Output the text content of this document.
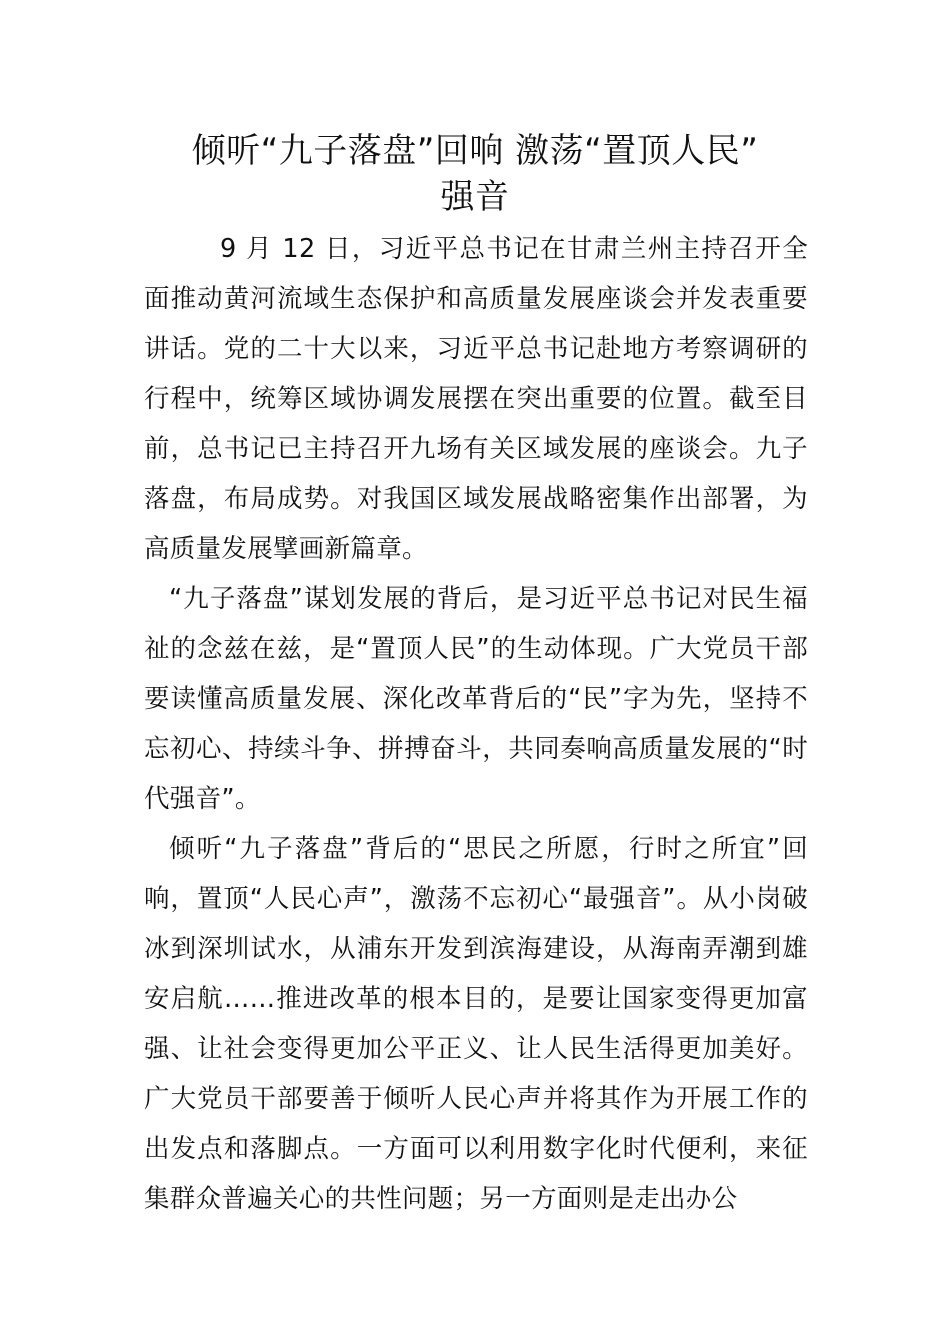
倾听“九子落盘”回响 激荡“置顶人民”
强音

9 月 12 日，习近平总书记在甘肃兰州主持召开全面推动黄河流域生态保护和高质量发展座谈会并发表重要讲话。党的二十大以来，习近平总书记赴地方考察调研的行程中，统筹区域协调发展摆在突出重要的位置。截至目前，总书记已主持召开九场有关区域发展的座谈会。九子落盘，布局成势。对我国区域发展战略密集作出部署，为高质量发展擘画新篇章。

“九子落盘”谋划发展的背后，是习近平总书记对民生福祉的念兹在兹，是“置顶人民”的生动体现。广大党员干部要读懂高质量发展、深化改革背后的“民”字为先，坚持不忘初心、持续斗争、拼搏奋斗，共同奏响高质量发展的“时代强音”。

倾听“九子落盘”背后的“思民之所愿，行时之所宜”回响，置顶“人民心声”，激荡不忘初心“最强音”。从小岗破冰到深圳试水，从浦东开发到滨海建设，从海南弄潮到雄安启航……推进改革的根本目的，是要让国家变得更加富强、让社会变得更加公平正义、让人民生活得更加美好。广大党员干部要善于倾听人民心声并将其作为开展工作的出发点和落脚点。一方面可以利用数字化时代便利，来征集群众普遍关心的共性问题；另一方面则是走出办公
